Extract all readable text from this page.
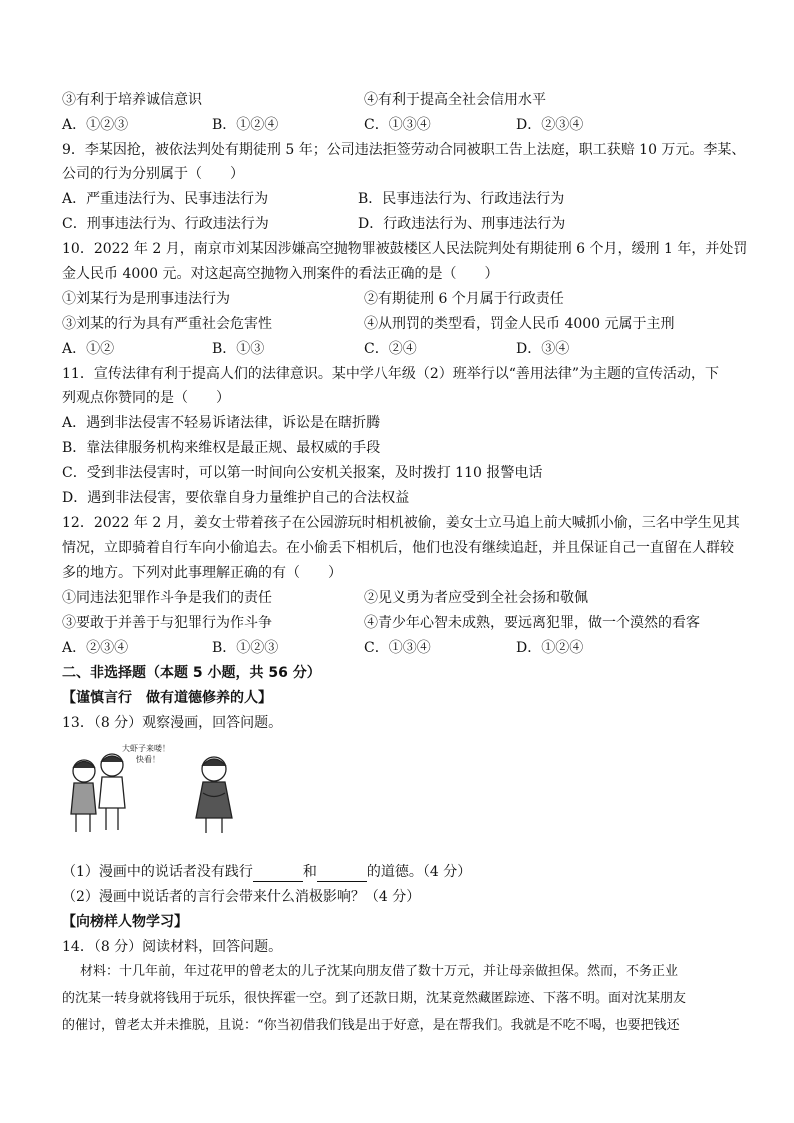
③有利于培养诚信意识	④有利于提高全社会信用水平
A．①②③	B．①②④	C．①③④	D．②③④
9．李某因抢，被依法判处有期徒刑 5 年；公司违法拒签劳动合同被职工告上法庭，职工获赔 10 万元。李某、
公司的行为分别属于（　　）
A．严重违法行为、民事违法行为	B．民事违法行为、行政违法行为
C．刑事违法行为、行政违法行为	D．行政违法行为、刑事违法行为
10．2022 年 2 月，南京市刘某因涉嫌高空抛物罪被鼓楼区人民法院判处有期徒刑 6 个月，缓刑 1 年，并处罚
金人民币 4000 元。对这起高空抛物入刑案件的看法正确的是（　　）
①刘某行为是刑事违法行为	②有期徒刑 6 个月属于行政责任
③刘某的行为具有严重社会危害性	④从刑罚的类型看，罚金人民币 4000 元属于主刑
A．①②	B．①③	C．②④	D．③④
11．宣传法律有利于提高人们的法律意识。某中学八年级（2）班举行以“善用法律”为主题的宣传活动，下
列观点你赞同的是（　　）
A．遇到非法侵害不轻易诉诸法律，诉讼是在瞎折腾
B．靠法律服务机构来维权是最正规、最权威的手段
C．受到非法侵害时，可以第一时间向公安机关报案，及时拨打 110 报警电话
D．遇到非法侵害，要依靠自身力量维护自己的合法权益
12．2022 年 2 月，姜女士带着孩子在公园游玩时相机被偷，姜女士立马追上前大喊抓小偷，三名中学生见其
情况，立即骑着自行车向小偷追去。在小偷丢下相机后，他们也没有继续追赶，并且保证自己一直留在人群较
多的地方。下列对此事理解正确的有（　　）
①同违法犯罪作斗争是我们的责任	②见义勇为者应受到全社会扬和敬佩
③要敢于并善于与犯罪行为作斗争	④青少年心智未成熟，要远离犯罪，做一个漠然的看客
A．②③④	B．①②③	C．①③④	D．①②④
二、非选择题（本题 5 小题，共 56 分）
【谨慎言行　做有道德修养的人】
13．（8 分）观察漫画，回答问题。
大虾子来喽！
快看！
（1）漫画中的说话者没有践行	和	的道德。（4 分）
（2）漫画中说话者的言行会带来什么消极影响？（4 分）
【向榜样人物学习】
14．（8 分）阅读材料，回答问题。
材料：十几年前，年过花甲的曾老太的儿子沈某向朋友借了数十万元，并让母亲做担保。然而，不务正业
的沈某一转身就将钱用于玩乐，很快挥霍一空。到了还款日期，沈某竟然藏匿踪迹、下落不明。面对沈某朋友
的催讨，曾老太并未推脱，且说：“你当初借我们钱是出于好意，是在帮我们。我就是不吃不喝，也要把钱还
